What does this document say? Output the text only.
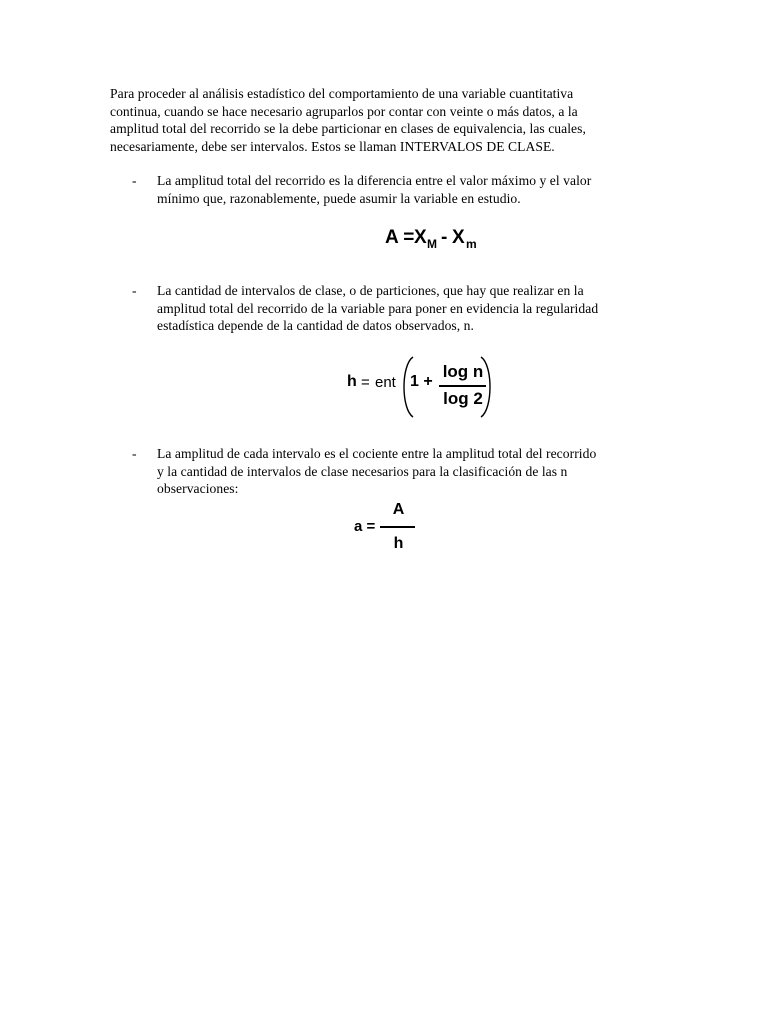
Para proceder al análisis estadístico del comportamiento de una variable cuantitativa
continua, cuando se hace necesario agruparlos por contar con veinte o más datos, a la
amplitud total del recorrido se la debe particionar en clases de equivalencia, las cuales,
necesariamente, debe ser intervalos. Estos se llaman INTERVALOS DE CLASE.
- La amplitud total del recorrido es la diferencia entre el valor máximo y el valor
mínimo que, razonablemente, puede asumir la variable en estudio.
A = X M - X m
- La cantidad de intervalos de clase, o de particiones, que hay que realizar en la
amplitud total del recorrido de la variable para poner en evidencia la regularidad
estadística depende de la cantidad de datos observados, n.
h = ent 1 +
log n
log 2
- La amplitud de cada intervalo es el cociente entre la amplitud total del recorrido
y la cantidad de intervalos de clase necesarios para la clasificación de las n
observaciones:
a =
A
h
